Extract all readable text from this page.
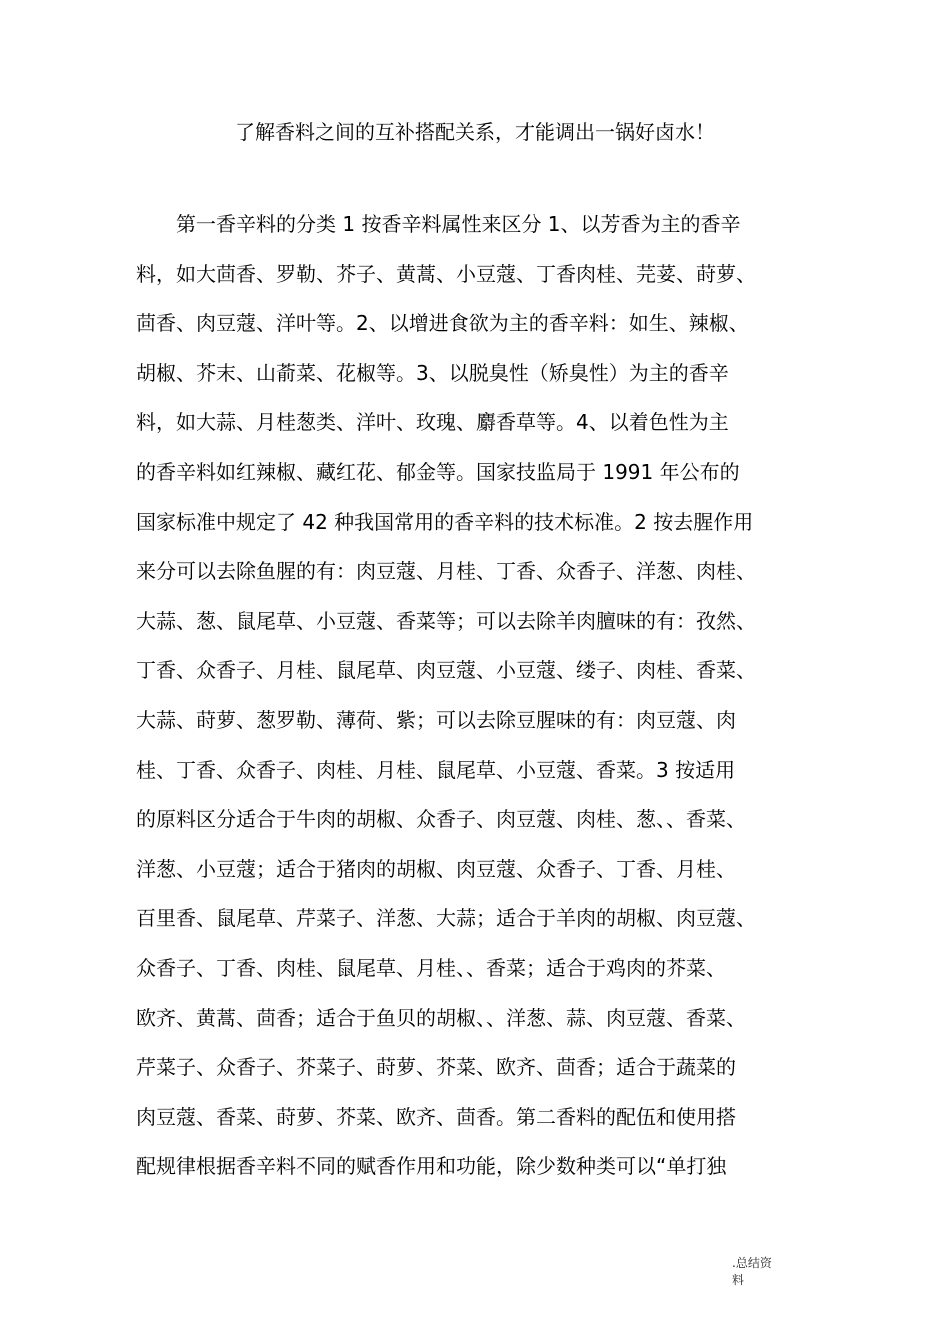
了解香料之间的互补搭配关系，才能调出一锅好卤水！
　　第一香辛料的分类 1 按香辛料属性来区分 1、以芳香为主的香辛
料，如大茴香、罗勒、芥子、黄蒿、小豆蔻、丁香肉桂、芫荽、莳萝、
茴香、肉豆蔻、洋叶等。2、以增进食欲为主的香辛料：如生、辣椒、
胡椒、芥末、山萮菜、花椒等。3、以脱臭性（矫臭性）为主的香辛
料，如大蒜、月桂葱类、洋叶、玫瑰、麝香草等。4、以着色性为主
的香辛料如红辣椒、藏红花、郁金等。国家技监局于 1991 年公布的
国家标准中规定了 42 种我国常用的香辛料的技术标准。2 按去腥作用
来分可以去除鱼腥的有：肉豆蔻、月桂、丁香、众香子、洋葱、肉桂、
大蒜、葱、鼠尾草、小豆蔻、香菜等；可以去除羊肉膻味的有：孜然、
丁香、众香子、月桂、鼠尾草、肉豆蔻、小豆蔻、缕子、肉桂、香菜、
大蒜、莳萝、葱罗勒、薄荷、紫；可以去除豆腥味的有：肉豆蔻、肉
桂、丁香、众香子、肉桂、月桂、鼠尾草、小豆蔻、香菜。3 按适用
的原料区分适合于牛肉的胡椒、众香子、肉豆蔻、肉桂、葱、、香菜、
洋葱、小豆蔻；适合于猪肉的胡椒、肉豆蔻、众香子、丁香、月桂、
百里香、鼠尾草、芹菜子、洋葱、大蒜；适合于羊肉的胡椒、肉豆蔻、
众香子、丁香、肉桂、鼠尾草、月桂、、香菜；适合于鸡肉的芥菜、
欧齐、黄蒿、茴香；适合于鱼贝的胡椒、、洋葱、蒜、肉豆蔻、香菜、
芹菜子、众香子、芥菜子、莳萝、芥菜、欧齐、茴香；适合于蔬菜的
肉豆蔻、香菜、莳萝、芥菜、欧齐、茴香。第二香料的配伍和使用搭
配规律根据香辛料不同的赋香作用和功能，除少数种类可以“单打独
.总结资
料
